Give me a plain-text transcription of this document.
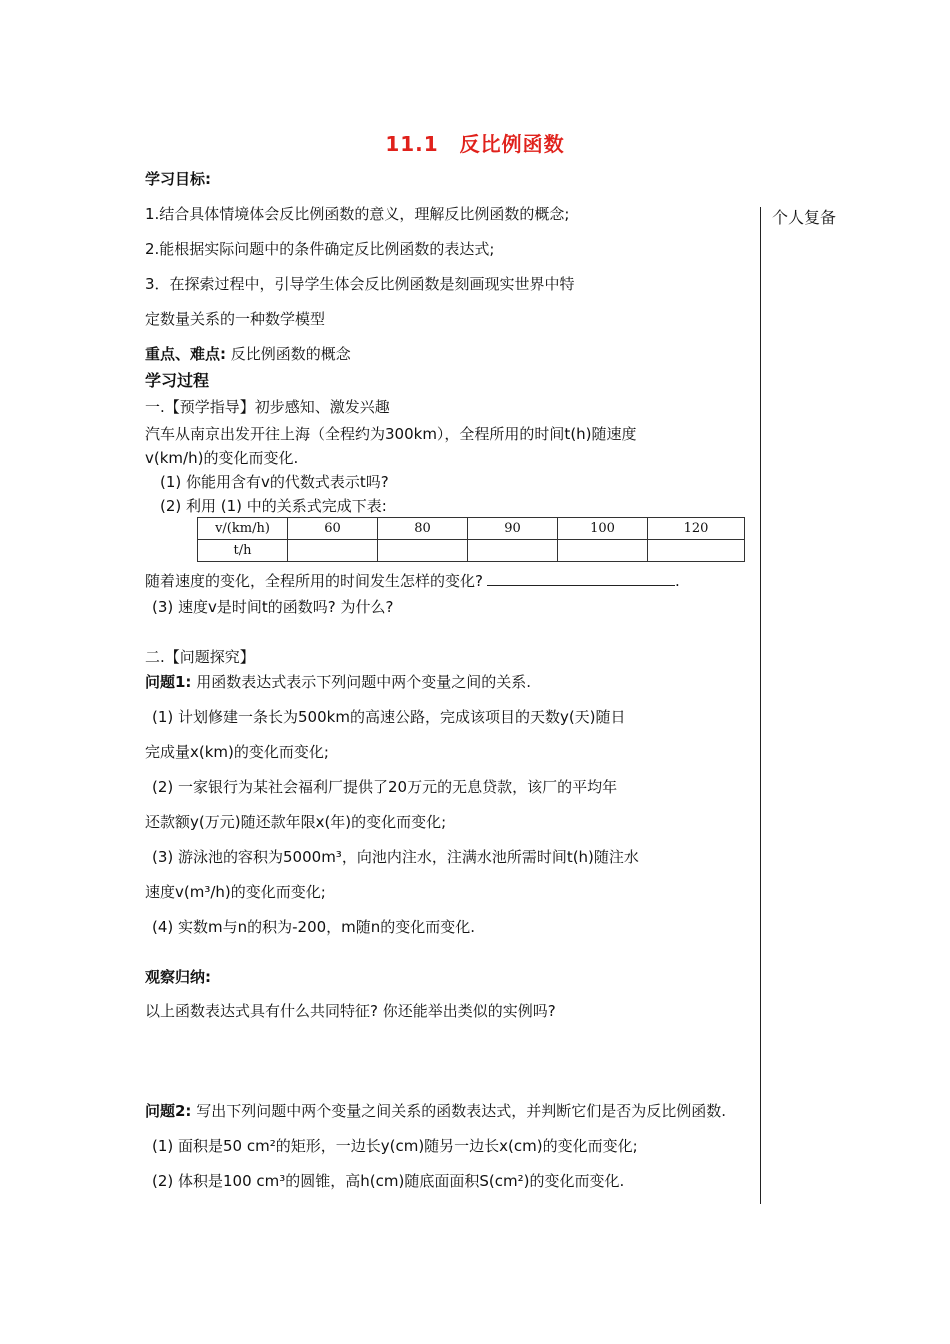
11.1　反比例函数
个人复备
学习目标:
1.结合具体情境体会反比例函数的意义，理解反比例函数的概念;
2.能根据实际问题中的条件确定反比例函数的表达式;
3．在探索过程中，引导学生体会反比例函数是刻画现实世界中特
定数量关系的一种数学模型
重点、难点: 反比例函数的概念
学习过程
一.【预学指导】初步感知、激发兴趣
汽车从南京出发开往上海（全程约为300km），全程所用的时间t(h)随速度
v(km/h)的变化而变化.
(1) 你能用含有v的代数式表示t吗?
(2) 利用 (1) 中的关系式完成下表:
v/(km/h)	60	80	90	100	120
t/h					
随着速度的变化，全程所用的时间发生怎样的变化?	.
(3) 速度v是时间t的函数吗? 为什么?
二.【问题探究】
问题1: 用函数表达式表示下列问题中两个变量之间的关系.
(1) 计划修建一条长为500km的高速公路，完成该项目的天数y(天)随日
完成量x(km)的变化而变化;
(2) 一家银行为某社会福利厂提供了20万元的无息贷款，该厂的平均年
还款额y(万元)随还款年限x(年)的变化而变化;
(3) 游泳池的容积为5000m³，向池内注水，注满水池所需时间t(h)随注水
速度v(m³/h)的变化而变化;
(4) 实数m与n的积为-200，m随n的变化而变化.
观察归纳:
以上函数表达式具有什么共同特征? 你还能举出类似的实例吗?
问题2: 写出下列问题中两个变量之间关系的函数表达式，并判断它们是否为反比例函数.
(1) 面积是50 cm²的矩形，一边长y(cm)随另一边长x(cm)的变化而变化;
(2) 体积是100 cm³的圆锥，高h(cm)随底面面积S(cm²)的变化而变化.
